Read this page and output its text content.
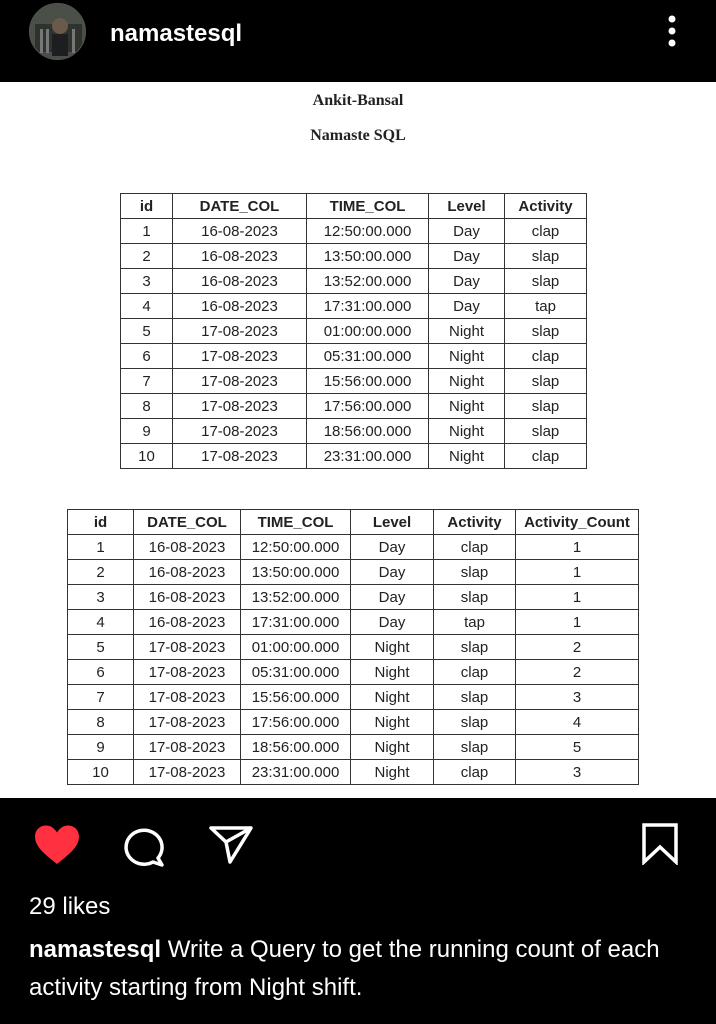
namastesql
Ankit-Bansal
Namaste SQL
id	DATE_COL	TIME_COL	Level	Activity
1	16-08-2023	12:50:00.000	Day	clap
2	16-08-2023	13:50:00.000	Day	slap
3	16-08-2023	13:52:00.000	Day	slap
4	16-08-2023	17:31:00.000	Day	tap
5	17-08-2023	01:00:00.000	Night	slap
6	17-08-2023	05:31:00.000	Night	clap
7	17-08-2023	15:56:00.000	Night	slap
8	17-08-2023	17:56:00.000	Night	slap
9	17-08-2023	18:56:00.000	Night	slap
10	17-08-2023	23:31:00.000	Night	clap
id	DATE_COL	TIME_COL	Level	Activity	Activity_Count
1	16-08-2023	12:50:00.000	Day	clap	1
2	16-08-2023	13:50:00.000	Day	slap	1
3	16-08-2023	13:52:00.000	Day	slap	1
4	16-08-2023	17:31:00.000	Day	tap	1
5	17-08-2023	01:00:00.000	Night	slap	2
6	17-08-2023	05:31:00.000	Night	clap	2
7	17-08-2023	15:56:00.000	Night	slap	3
8	17-08-2023	17:56:00.000	Night	slap	4
9	17-08-2023	18:56:00.000	Night	slap	5
10	17-08-2023	23:31:00.000	Night	clap	3
29 likes
namastesql Write a Query to get the running count of each activity starting from Night shift.
